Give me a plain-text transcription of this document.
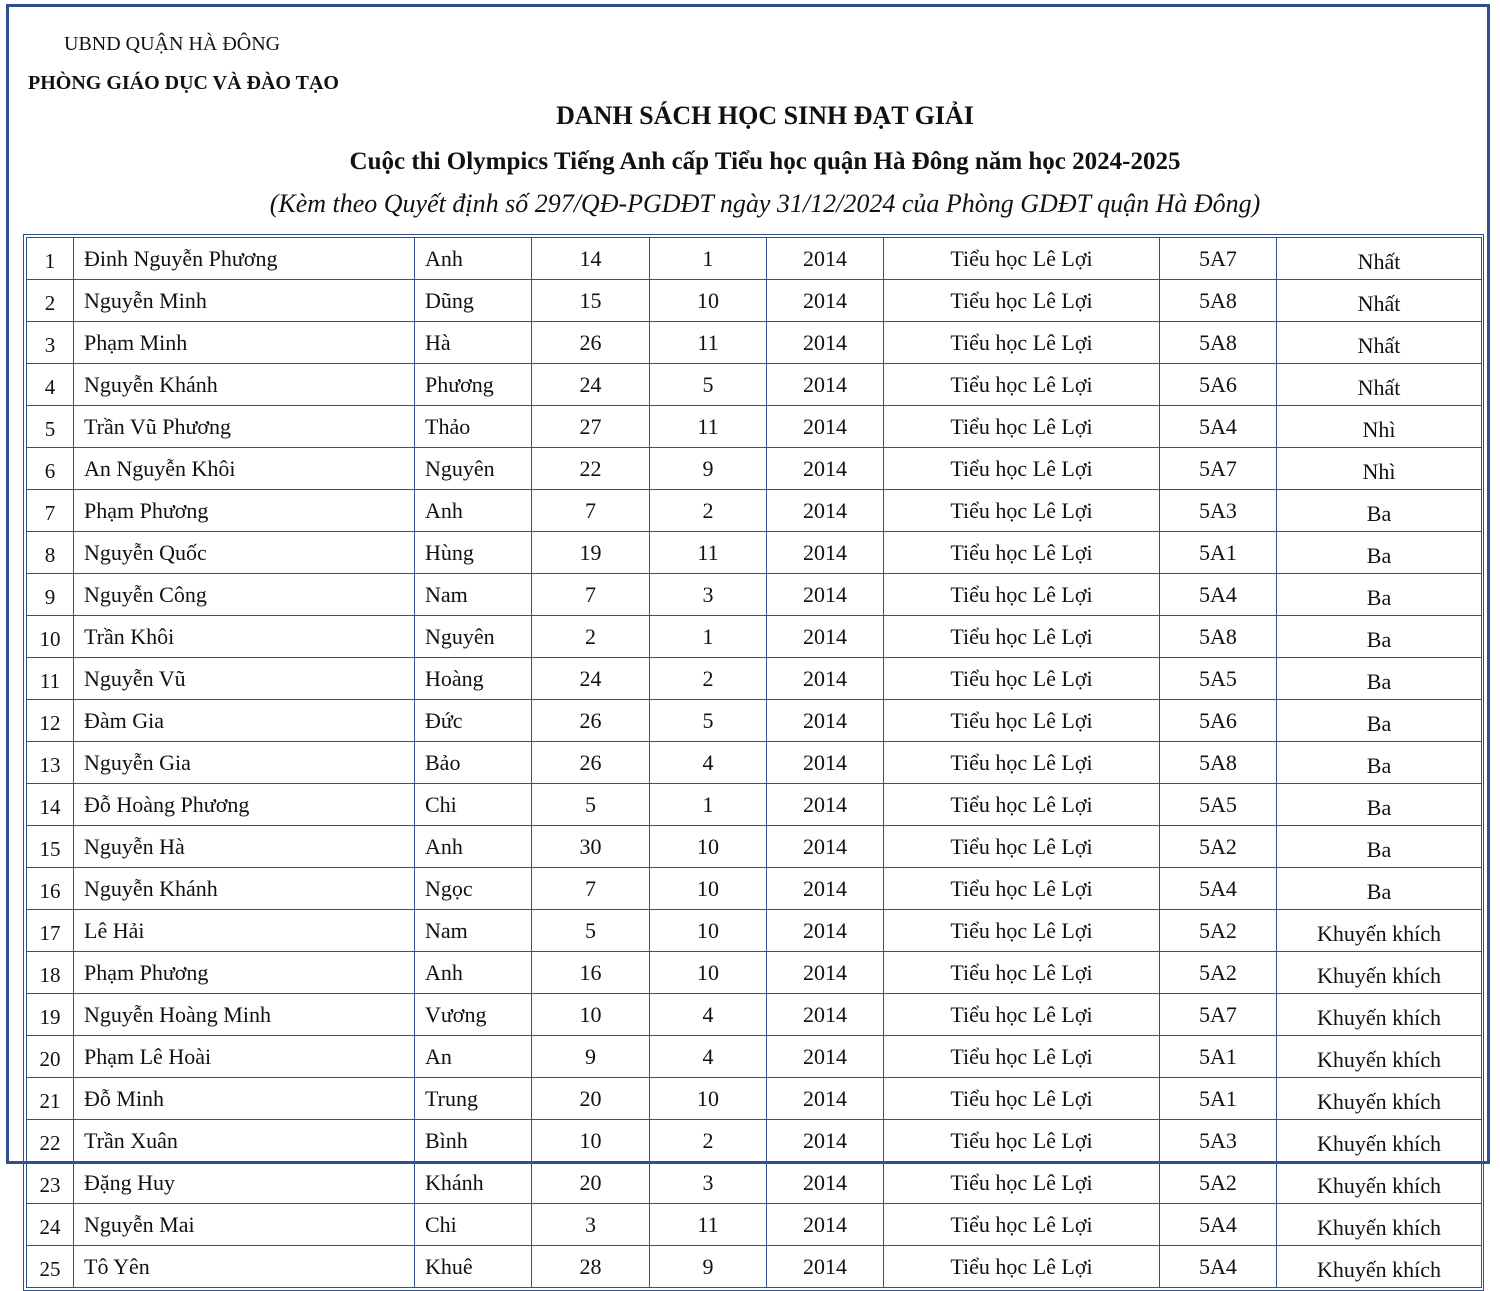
UBND QUẬN HÀ ĐÔNG
PHÒNG GIÁO DỤC VÀ ĐÀO TẠO
DANH SÁCH HỌC SINH ĐẠT GIẢI
Cuộc thi Olympics Tiếng Anh cấp Tiểu học quận Hà Đông năm học 2024-2025
(Kèm theo Quyết định số 297/QĐ-PGDĐT ngày 31/12/2024 của Phòng GDĐT quận Hà Đông)
1	Đinh Nguyễn Phương	Anh	14	1	2014	Tiểu học Lê Lợi	5A7	Nhất
2	Nguyễn Minh	Dũng	15	10	2014	Tiểu học Lê Lợi	5A8	Nhất
3	Phạm Minh	Hà	26	11	2014	Tiểu học Lê Lợi	5A8	Nhất
4	Nguyễn Khánh	Phương	24	5	2014	Tiểu học Lê Lợi	5A6	Nhất
5	Trần Vũ Phương	Thảo	27	11	2014	Tiểu học Lê Lợi	5A4	Nhì
6	An Nguyễn Khôi	Nguyên	22	9	2014	Tiểu học Lê Lợi	5A7	Nhì
7	Phạm Phương	Anh	7	2	2014	Tiểu học Lê Lợi	5A3	Ba
8	Nguyễn Quốc	Hùng	19	11	2014	Tiểu học Lê Lợi	5A1	Ba
9	Nguyễn Công	Nam	7	3	2014	Tiểu học Lê Lợi	5A4	Ba
10	Trần Khôi	Nguyên	2	1	2014	Tiểu học Lê Lợi	5A8	Ba
11	Nguyễn Vũ	Hoàng	24	2	2014	Tiểu học Lê Lợi	5A5	Ba
12	Đàm Gia	Đức	26	5	2014	Tiểu học Lê Lợi	5A6	Ba
13	Nguyễn Gia	Bảo	26	4	2014	Tiểu học Lê Lợi	5A8	Ba
14	Đỗ Hoàng Phương	Chi	5	1	2014	Tiểu học Lê Lợi	5A5	Ba
15	Nguyễn Hà	Anh	30	10	2014	Tiểu học Lê Lợi	5A2	Ba
16	Nguyễn Khánh	Ngọc	7	10	2014	Tiểu học Lê Lợi	5A4	Ba
17	Lê Hải	Nam	5	10	2014	Tiểu học Lê Lợi	5A2	Khuyến khích
18	Phạm Phương	Anh	16	10	2014	Tiểu học Lê Lợi	5A2	Khuyến khích
19	Nguyễn Hoàng Minh	Vương	10	4	2014	Tiểu học Lê Lợi	5A7	Khuyến khích
20	Phạm Lê Hoài	An	9	4	2014	Tiểu học Lê Lợi	5A1	Khuyến khích
21	Đỗ Minh	Trung	20	10	2014	Tiểu học Lê Lợi	5A1	Khuyến khích
22	Trần Xuân	Bình	10	2	2014	Tiểu học Lê Lợi	5A3	Khuyến khích
23	Đặng Huy	Khánh	20	3	2014	Tiểu học Lê Lợi	5A2	Khuyến khích
24	Nguyễn Mai	Chi	3	11	2014	Tiểu học Lê Lợi	5A4	Khuyến khích
25	Tô Yên	Khuê	28	9	2014	Tiểu học Lê Lợi	5A4	Khuyến khích
